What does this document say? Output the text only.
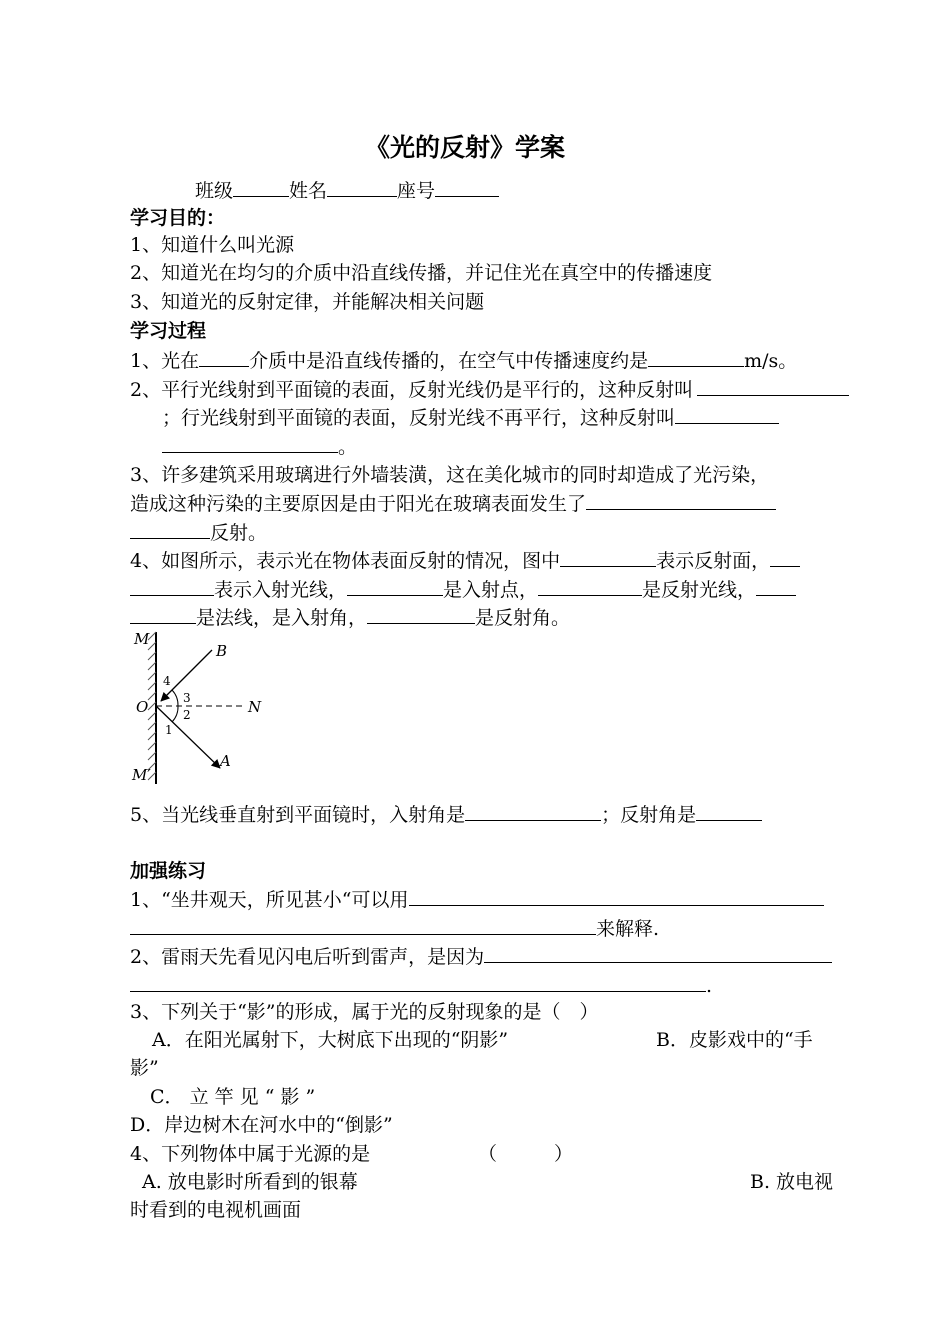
《光的反射》学案
班级	姓名	座号
学习目的：
1、知道什么叫光源
2、知道光在均匀的介质中沿直线传播，并记住光在真空中的传播速度
3、知道光的反射定律，并能解决相关问题
学习过程
1、光在	介质中是沿直线传播的，在空气中传播速度约是	m/s。
2、平行光线射到平面镜的表面，反射光线仍是平行的，这种反射叫
；行光线射到平面镜的表面，反射光线不再平行，这种反射叫
。
3、许多建筑采用玻璃进行外墙装潢，这在美化城市的同时却造成了光污染，
造成这种污染的主要原因是由于阳光在玻璃表面发生了
反射。
4、如图所示，表示光在物体表面反射的情况，图中	表示反射面，
表示入射光线，	是入射点，	是反射光线，
是法线，是入射角，	是反射角。
M
M′
O	N
B
A
4
3
2
1
5、当光线垂直射到平面镜时，入射角是	；反射角是
加强练习
1、“坐井观天，所见甚小“可以用
来解释.
2、雷雨天先看见闪电后听到雷声，是因为
.
3、下列关于“影”的形成，属于光的反射现象的是（　）
A．在阳光属射下，大树底下出现的“阴影”	B．皮影戏中的“手
影”
C． 立 竿 见 “ 影 ”
D．岸边树木在河水中的“倒影”
4、下列物体中属于光源的是	（　　　）
A. 放电影时所看到的银幕	B. 放电视
时看到的电视机画面
